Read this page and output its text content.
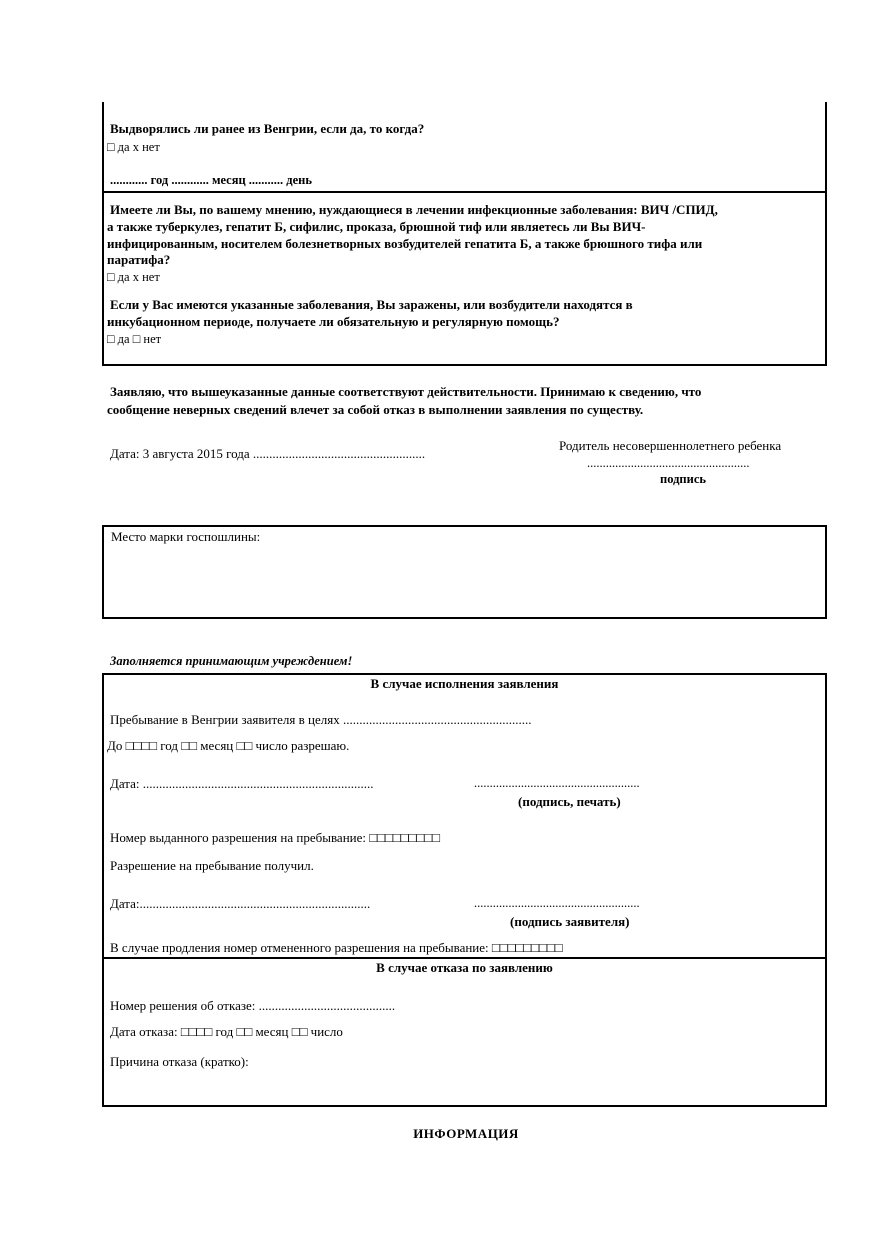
Выдворялись ли ранее из Венгрии, если да, то когда?
□ да х нет
............ год ............ месяц ........... день
Имеете ли Вы, по вашему мнению, нуждающиеся в лечении инфекционные заболевания: ВИЧ /СПИД,
а также туберкулез, гепатит Б, сифилис, проказа, брюшной тиф или являетесь ли Вы ВИЧ-
инфицированным, носителем болезнетворных возбудителей гепатита Б, а также брюшного тифа или
паратифа?
□ да х нет
Если у Вас имеются указанные заболевания, Вы заражены, или возбудители находятся в
инкубационном периоде, получаете ли обязательную и регулярную помощь?
□ да □ нет
Заявляю, что вышеуказанные данные соответствуют действительности. Принимаю к сведению, что
сообщение неверных сведений влечет за собой отказ в выполнении заявления по существу.
Дата: 3 августа 2015 года .....................................................
Родитель несовершеннолетнего ребенка
....................................................
подпись
Место марки госпошлины:
Заполняется принимающим учреждением!
В случае исполнения заявления
Пребывание в Венгрии заявителя в целях ..........................................................
До □□□□ год □□ месяц □□ число разрешаю.
Дата: .......................................................................	.....................................................
(подпись, печать)
Номер выданного разрешения на пребывание: □□□□□□□□□
Разрешение на пребывание получил.
Дата:.......................................................................	.....................................................
(подпись заявителя)
В случае продления номер отмененного разрешения на пребывание: □□□□□□□□□
В случае отказа по заявлению
Номер решения об отказе: ..........................................
Дата отказа: □□□□ год □□ месяц □□ число
Причина отказа (кратко):
ИНФОРМАЦИЯ
